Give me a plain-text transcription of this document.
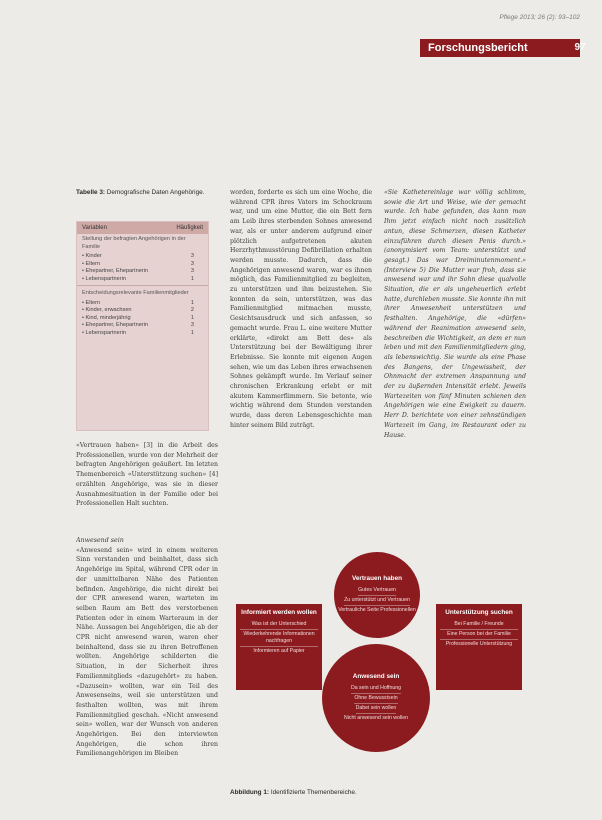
Pflege 2013; 26 (2): 93–102
Forschungsbericht	97
Tabelle 3: Demografische Daten Angehörige.
Variablen	Häufigkeit
Stellung der befragten Angehörigen in der Familie
• Kinder	3
• Eltern	3
• Ehepartner, Ehepartnerin	3
• Lebenspartnerin	1
Entscheidungsrelevante Familienmitglieder
• Eltern	1
• Kinder, erwachsen	2
• Kind, minderjährig	1
• Ehepartner, Ehepartnerin	3
• Lebenspartnerin	1

«Vertrauen haben» [3] in die Arbeit des Professionellen, wurde von der Mehrheit der befragten Angehörigen geäußert. Im letzten Themenbereich «Unterstützung suchen» [4] erzählten Angehörige, was sie in dieser Ausnahmesituation in der Familie oder bei Professionellen Halt suchten.

worden, forderte es sich um eine Woche, die während CPR ihres Vaters im Schockraum war, und um eine Mutter, die ein Bett fern am Leib ihres sterbenden Sohnes anwesend war, als er unter anderem aufgrund einer plötzlich aufgetretenen akuten Herzrhythmusstörung Defibrillation erhalten werden musste. Dadurch, dass die Angehörigen anwesend waren, war es ihnen möglich, das Familienmitglied zu begleiten, zu unterstützen und ihm beizustehen. Sie konnten da sein, unterstützen, was das Familienmitglied mitmachen musste, Gesichtsausdruck und sich anfassen, so gemacht wurde. Frau L. eine weitere Mutter erklärte, «direkt am Bett des» als Unterstützung bei der Bewältigung ihrer Erlebnisse. Sie konnte mit eigenen Augen sehen, wie um das Leben ihres erwachsenen Sohnes gekämpft wurde. Im Verlauf seiner chronischen Erkrankung erlebt er mit akutem Kammerflimmern. Sie betonte, wie wichtig während dem Stunden verstanden wurde, dass deren Lebensgeschichte man hinter seinem Bild zuträgt.

«Sie Kathetereinlage war völlig schlimm, sowie die Art und Weise, wie der gemacht wurde. Ich habe gefunden, das kann man Ihm jetzt einfach nicht noch zusätzlich antun, diese Schmerzen, diesen Katheter einzuführen durch diesen Penis durch.» (anonymisiert vom Team: unterstützt und gesagt.) Das war Dreiminutenmoment.» (Interview 5) Die Mutter war froh, dass sie anwesend war und ihr Sohn diese qualvolle Situation, die er als ungeheuerlich erlebt hatte, durchleben musste. Sie konnte ihn mit ihrer Anwesenheit unterstützen und festhalten. Angehörige, die «dürfen» während der Reanimation anwesend sein, beschreiben die Wichtigkeit, an dem er nun leben und mit den Familienmitgliedern ging, als lebenswichtig. Sie wurde als eine Phase des Bangens, der Ungewissheit, der Ohnmacht der extremen Anspannung und der zu äußernden Intensität erlebt. Jeweils Wartezeiten von fünf Minuten schienen den Angehörigen wie eine Ewigkeit zu dauern. Herr D. berichtete von einer zehnstündigen Wartezeit im Gang, im Restaurant oder zu Hause.

Anwesend sein

«Anwesend sein» wird in einem weiteren Sinn verstanden und beinhaltet, dass sich Angehörige im Spital, während CPR oder in der unmittelbaren Nähe des Patienten befinden. Angehörige, die nicht direkt bei der CPR anwesend waren, warteten im selben Raum am Bett des verstorbenen Patienten oder in einem Warteraum in der Nähe. Aussagen bei Angehörigen, die ab der CPR nicht anwesend waren, waren eher beinhaltend, dass sie zu ihren Betroffenen wollten. Angehörige schilderten die Situation, in der Sicherheit ihres Familienmitglieds «dazugehört» zu haben. «Dazusein» wollten, war ein Teil des Anwesenseins, weil sie unterstützen und festhalten wollten, was mit ihrem Familienmitglied geschah. «Nicht anwesend sein» wollen, war der Wunsch von anderen Angehörigen. Bei den interviewten Angehörigen, die schon ihren Familienangehörigen im Bleiben

Vertrauen haben
Gutes Vertrauen
Zu unterstützt und Vertrauen
Vertrauliche Seite Professionellen
Informiert werden wollen
Was ist der Unterschied
Wiederkehrende Informationen nachfragen
Informieren auf Papier
Unterstützung suchen
Bei Familie / Freunde
Eine Person bei der Familie
Professionelle Unterstützung
Anwesend sein
Da sein und Hoffnung
Ohne Bewusstsein
Dabei sein wollen
Nicht anwesend sein wollen
Abbildung 1: Identifizierte Themenbereiche.
